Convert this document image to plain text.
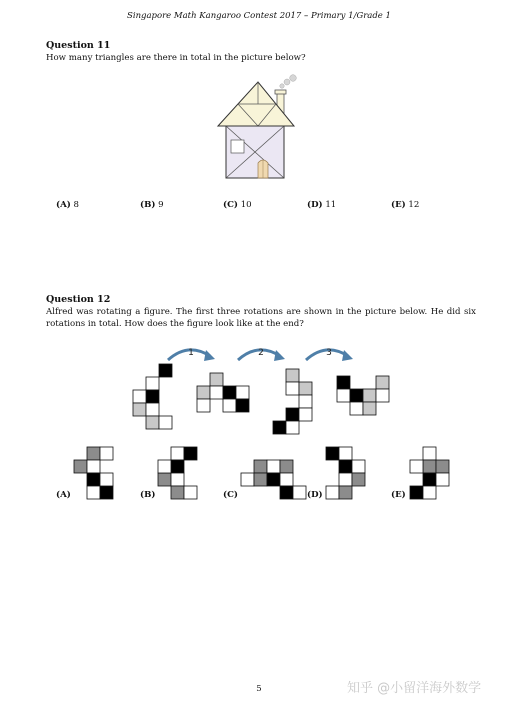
Singapore Math Kangaroo Contest 2017 – Primary 1/Grade 1
Question 11
How many triangles are there in total in the picture below?
(A) 8	(B) 9	(C) 10	(D) 11	(E) 12
Question 12
Alfred was rotating a figure. The first three rotations are shown in the picture below. He did six rotations in total. How does the figure look like at the end?
1	2	3
(A)	(B)	(C)	(D)	(E)
5	知乎 @小留洋海外数学
